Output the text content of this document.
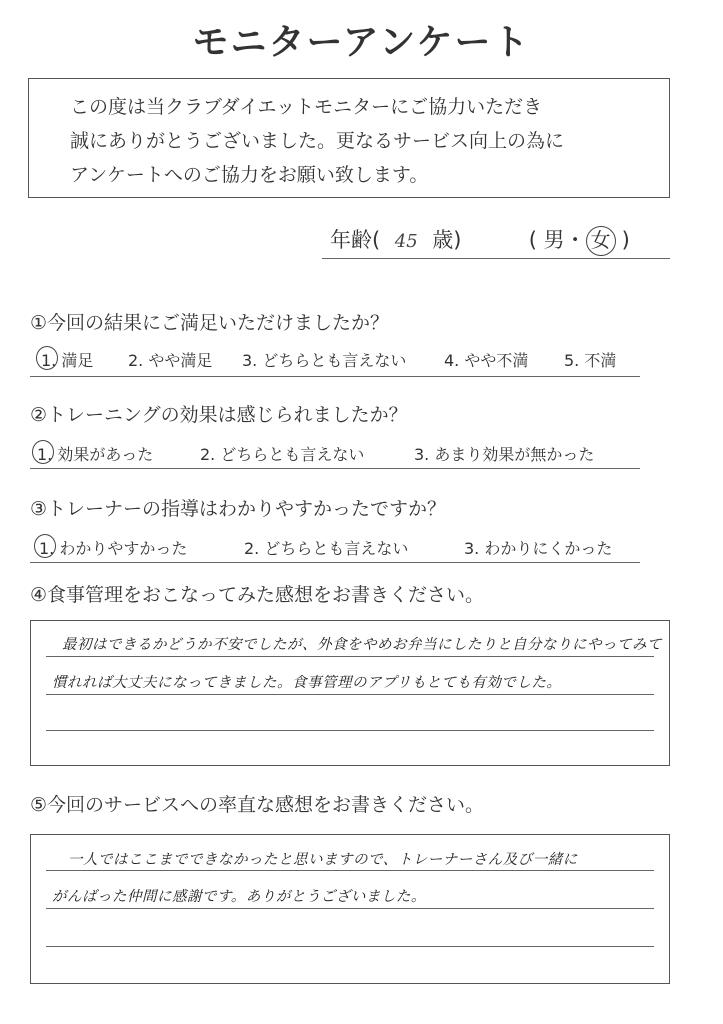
モニターアンケート
この度は当クラブダイエットモニターにご協力いただき
誠にありがとうございました。更なるサービス向上の為に
アンケートへのご協力をお願い致します。
年齢( 45 歳)	( 男・ 女 )
①今回の結果にご満足いただけましたか？
1. 満足 2. やや満足 3. どちらとも言えない 4. やや不満 5. 不満
②トレーニングの効果は感じられましたか？
1. 効果があった	2. どちらとも言えない	3. あまり効果が無かった
③トレーナーの指導はわかりやすかったですか？
1. わかりやすかった	2. どちらとも言えない	3. わかりにくかった
④食事管理をおこなってみた感想をお書きください。
最初はできるかどうか不安でしたが、外食をやめお弁当にしたりと自分なりにやってみて
慣れれば大丈夫になってきました。食事管理のアプリもとても有効でした。
⑤今回のサービスへの率直な感想をお書きください。
一人ではここまでできなかったと思いますので、トレーナーさん及び一緒に
がんばった仲間に感謝です。ありがとうございました。
